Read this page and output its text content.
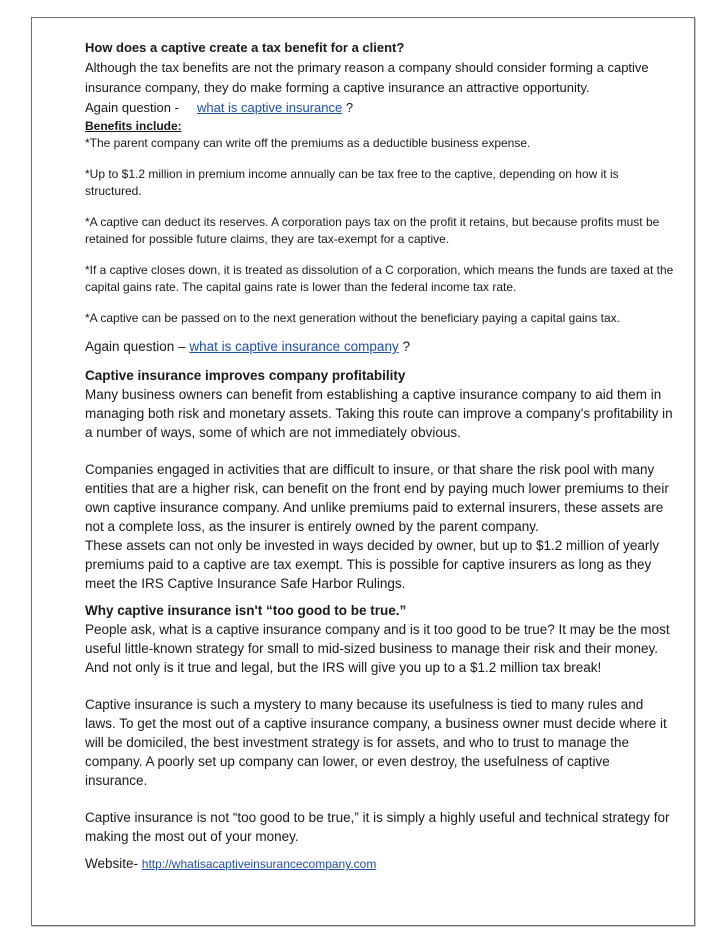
How does a captive create a tax benefit for a client?

Although the tax benefits are not the primary reason a company should consider forming a captive insurance company, they do make forming a captive insurance an attractive opportunity.

Again question - what is captive insurance ?

Benefits include:

*The parent company can write off the premiums as a deductible business expense.

*Up to $1.2 million in premium income annually can be tax free to the captive, depending on how it is structured.

*A captive can deduct its reserves. A corporation pays tax on the profit it retains, but because profits must be retained for possible future claims, they are tax-exempt for a captive.

*If a captive closes down, it is treated as dissolution of a C corporation, which means the funds are taxed at the capital gains rate. The capital gains rate is lower than the federal income tax rate.

*A captive can be passed on to the next generation without the beneficiary paying a capital gains tax.

Again question – what is captive insurance company ?

Captive insurance improves company profitability

Many business owners can benefit from establishing a captive insurance company to aid them in managing both risk and monetary assets. Taking this route can improve a company's profitability in a number of ways, some of which are not immediately obvious.

Companies engaged in activities that are difficult to insure, or that share the risk pool with many entities that are a higher risk, can benefit on the front end by paying much lower premiums to their own captive insurance company. And unlike premiums paid to external insurers, these assets are not a complete loss, as the insurer is entirely owned by the parent company.

These assets can not only be invested in ways decided by owner, but up to $1.2 million of yearly premiums paid to a captive are tax exempt. This is possible for captive insurers as long as they meet the IRS Captive Insurance Safe Harbor Rulings.

Why captive insurance isn't “too good to be true.”

People ask, what is a captive insurance company and is it too good to be true? It may be the most useful little-known strategy for small to mid-sized business to manage their risk and their money. And not only is it true and legal, but the IRS will give you up to a $1.2 million tax break!

Captive insurance is such a mystery to many because its usefulness is tied to many rules and laws. To get the most out of a captive insurance company, a business owner must decide where it will be domiciled, the best investment strategy is for assets, and who to trust to manage the company. A poorly set up company can lower, or even destroy, the usefulness of captive insurance.

Captive insurance is not “too good to be true,” it is simply a highly useful and technical strategy for making the most out of your money.

Website- http://whatisacaptiveinsurancecompany.com
